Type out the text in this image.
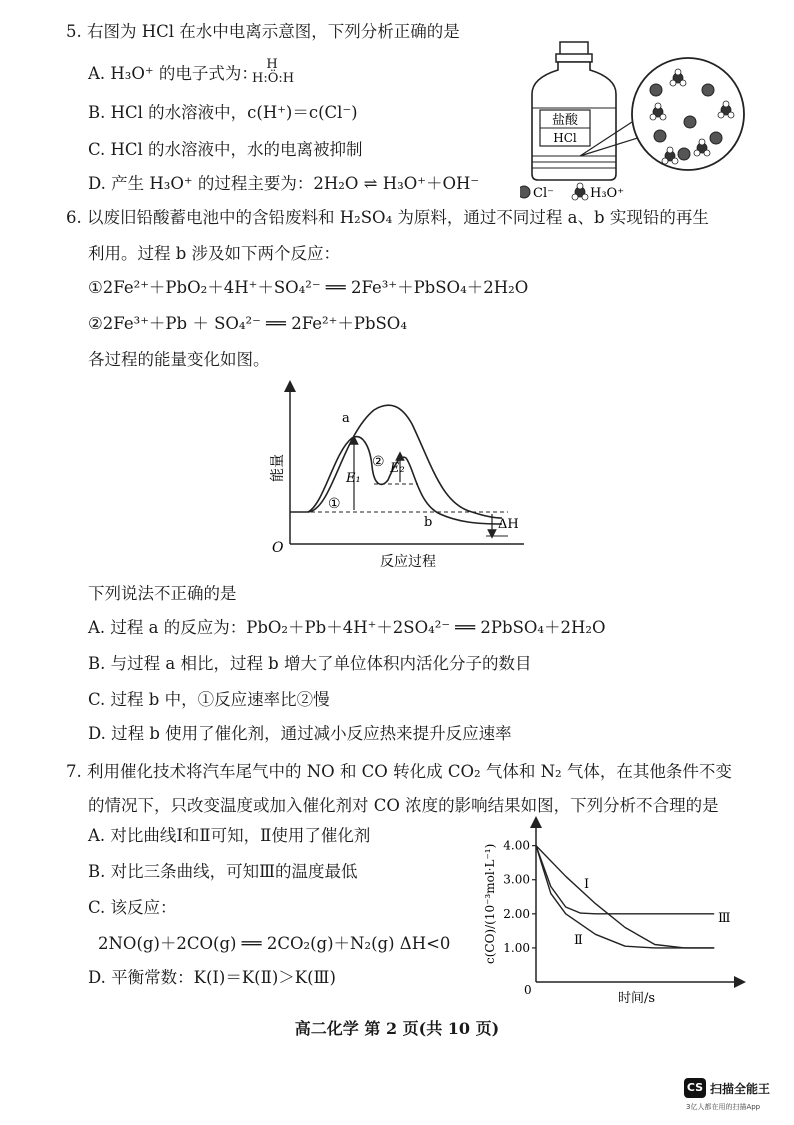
5. 右图为 HCl 在水中电离示意图，下列分析正确的是
A. H₃O⁺ 的电子式为： H
H:Ö:H
B. HCl 的水溶液中，c(H⁺)＝c(Cl⁻)
C. HCl 的水溶液中，水的电离被抑制
D. 产生 H₃O⁺ 的过程主要为：2H₂O ⇌ H₃O⁺＋OH⁻
盐酸
HCl
Cl⁻	H₃O⁺
6. 以废旧铅酸蓄电池中的含铅废料和 H₂SO₄ 为原料，通过不同过程 a、b 实现铅的再生
利用。过程 b 涉及如下两个反应：
①2Fe²⁺＋PbO₂＋4H⁺＋SO₄²⁻ ══ 2Fe³⁺＋PbSO₄＋2H₂O
②2Fe³⁺＋Pb ＋ SO₄²⁻ ══ 2Fe²⁺＋PbSO₄
各过程的能量变化如图。
O
能量
反应过程
E₁
E₂
ΔH
a
b
①
②
下列说法不正确的是
A. 过程 a 的反应为：PbO₂＋Pb＋4H⁺＋2SO₄²⁻ ══ 2PbSO₄＋2H₂O
B. 与过程 a 相比，过程 b 增大了单位体积内活化分子的数目
C. 过程 b 中，①反应速率比②慢
D. 过程 b 使用了催化剂，通过减小反应热来提升反应速率
7. 利用催化技术将汽车尾气中的 NO 和 CO 转化成 CO₂ 气体和 N₂ 气体，在其他条件不变
的情况下，只改变温度或加入催化剂对 CO 浓度的影响结果如图，下列分析不合理的是
A. 对比曲线Ⅰ和Ⅱ可知，Ⅱ使用了催化剂
B. 对比三条曲线，可知Ⅲ的温度最低
C. 该反应：
2NO(g)＋2CO(g) ══ 2CO₂(g)＋N₂(g) ΔH<0
D. 平衡常数：K(Ⅰ)＝K(Ⅱ)＞K(Ⅲ)
c(CO)/(10⁻³mol·L⁻¹)
时间/s
0
1.00
2.00
3.00
4.00
Ⅰ
Ⅱ
Ⅲ
高二化学 第 2 页(共 10 页)
CS 扫描全能王
3亿人都在用的扫描App
